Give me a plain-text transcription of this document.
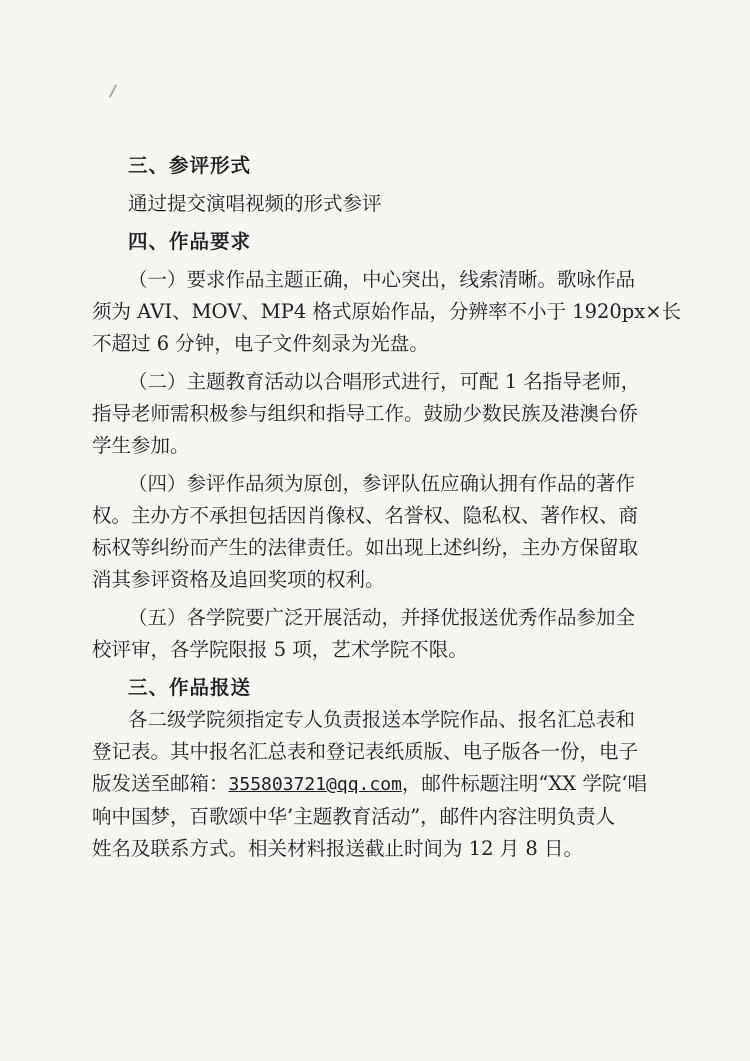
三、参评形式

通过提交演唱视频的形式参评

四、作品要求

（一）要求作品主题正确，中心突出，线索清晰。歌咏作品

须为 AVI、MOV、MP4 格式原始作品，分辨率不小于 1920px×长

不超过 6 分钟，电子文件刻录为光盘。

（二）主题教育活动以合唱形式进行，可配 1 名指导老师，

指导老师需积极参与组织和指导工作。鼓励少数民族及港澳台侨

学生参加。

（四）参评作品须为原创，参评队伍应确认拥有作品的著作

权。主办方不承担包括因肖像权、名誉权、隐私权、著作权、商

标权等纠纷而产生的法律责任。如出现上述纠纷，主办方保留取

消其参评资格及追回奖项的权利。

（五）各学院要广泛开展活动，并择优报送优秀作品参加全

校评审，各学院限报 5 项，艺术学院不限。

三、作品报送

各二级学院须指定专人负责报送本学院作品、报名汇总表和

登记表。其中报名汇总表和登记表纸质版、电子版各一份，电子

版发送至邮箱：355803721@qq.com，邮件标题注明“XX 学院‘唱

响中国梦，百歌颂中华’主题教育活动”，邮件内容注明负责人

姓名及联系方式。相关材料报送截止时间为 12 月 8 日。
